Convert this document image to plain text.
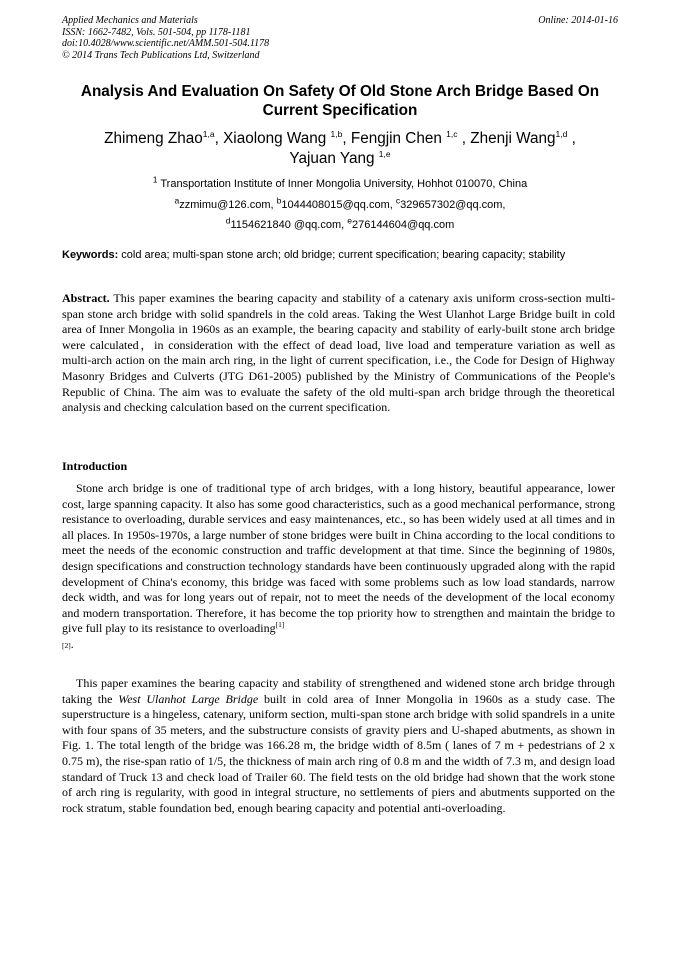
Applied Mechanics and Materials
ISSN: 1662-7482, Vols. 501-504, pp 1178-1181
doi:10.4028/www.scientific.net/AMM.501-504.1178
© 2014 Trans Tech Publications Ltd, Switzerland
Online: 2014-01-16
Analysis And Evaluation On Safety Of Old Stone Arch Bridge Based On Current Specification
Zhimeng Zhao$^{1,a}$, Xiaolong Wang $^{1,b}$, Fengjin Chen $^{1,c}$ , Zhenji Wang$^{1,d}$ ,
Yajuan Yang $^{1,e}$
$^1$ Transportation Institute of Inner Mongolia University, Hohhot 010070, China
$^a$zzmimu@126.com, $^b$1044408015@qq.com, $^c$329657302@qq.com,
$^d$1154621840 @qq.com, $^e$276144604@qq.com
Keywords: cold area; multi-span stone arch; old bridge; current specification; bearing capacity; stability
Abstract. This paper examines the bearing capacity and stability of a catenary axis uniform cross-section multi-span stone arch bridge with solid spandrels in the cold areas. Taking the West Ulanhot Large Bridge built in cold area of Inner Mongolia in 1960s as an example, the bearing capacity and stability of early-built stone arch bridge were calculated，in consideration with the effect of dead load, live load and temperature variation as well as multi-arch action on the main arch ring, in the light of current specification, i.e., the Code for Design of Highway Masonry Bridges and Culverts (JTG D61-2005) published by the Ministry of Communications of the People's Republic of China. The aim was to evaluate the safety of the old multi-span arch bridge through the theoretical analysis and checking calculation based on the current specification.
Introduction
Stone arch bridge is one of traditional type of arch bridges, with a long history, beautiful appearance, lower cost, large spanning capacity. It also has some good characteristics, such as a good mechanical performance, strong resistance to overloading, durable services and easy maintenances, etc., so has been widely used at all times and in all places. In 1950s-1970s, a large number of stone bridges were built in China according to the local conditions to meet the needs of the economic construction and traffic development at that time. Since the beginning of 1980s, design specifications and construction technology standards have been continuously upgraded along with the rapid development of China's economy, this bridge was faced with some problems such as low load standards, narrow deck width, and was for long years out of repair, not to meet the needs of the development of the local economy and modern transportation. Therefore, it has become the top priority how to strengthen and maintain the bridge to give full play to its resistance to overloading[1]
[2].
This paper examines the bearing capacity and stability of strengthened and widened stone arch bridge through taking the West Ulanhot Large Bridge built in cold area of Inner Mongolia in 1960s as a study case. The superstructure is a hingeless, catenary, uniform section, multi-span stone arch bridge with solid spandrels in a unite with four spans of 35 meters, and the substructure consists of gravity piers and U-shaped abutments, as shown in Fig. 1. The total length of the bridge was 166.28 m, the bridge width of 8.5m ( lanes of 7 m + pedestrians of 2 x 0.75 m), the rise-span ratio of 1/5, the thickness of main arch ring of 0.8 m and the width of 7.3 m, and design load standard of Truck 13 and check load of Trailer 60. The field tests on the old bridge had shown that the work stone of arch ring is regularity, with good in integral structure, no settlements of piers and abutments supported on the rock stratum, stable foundation bed, enough bearing capacity and potential anti-overloading.
